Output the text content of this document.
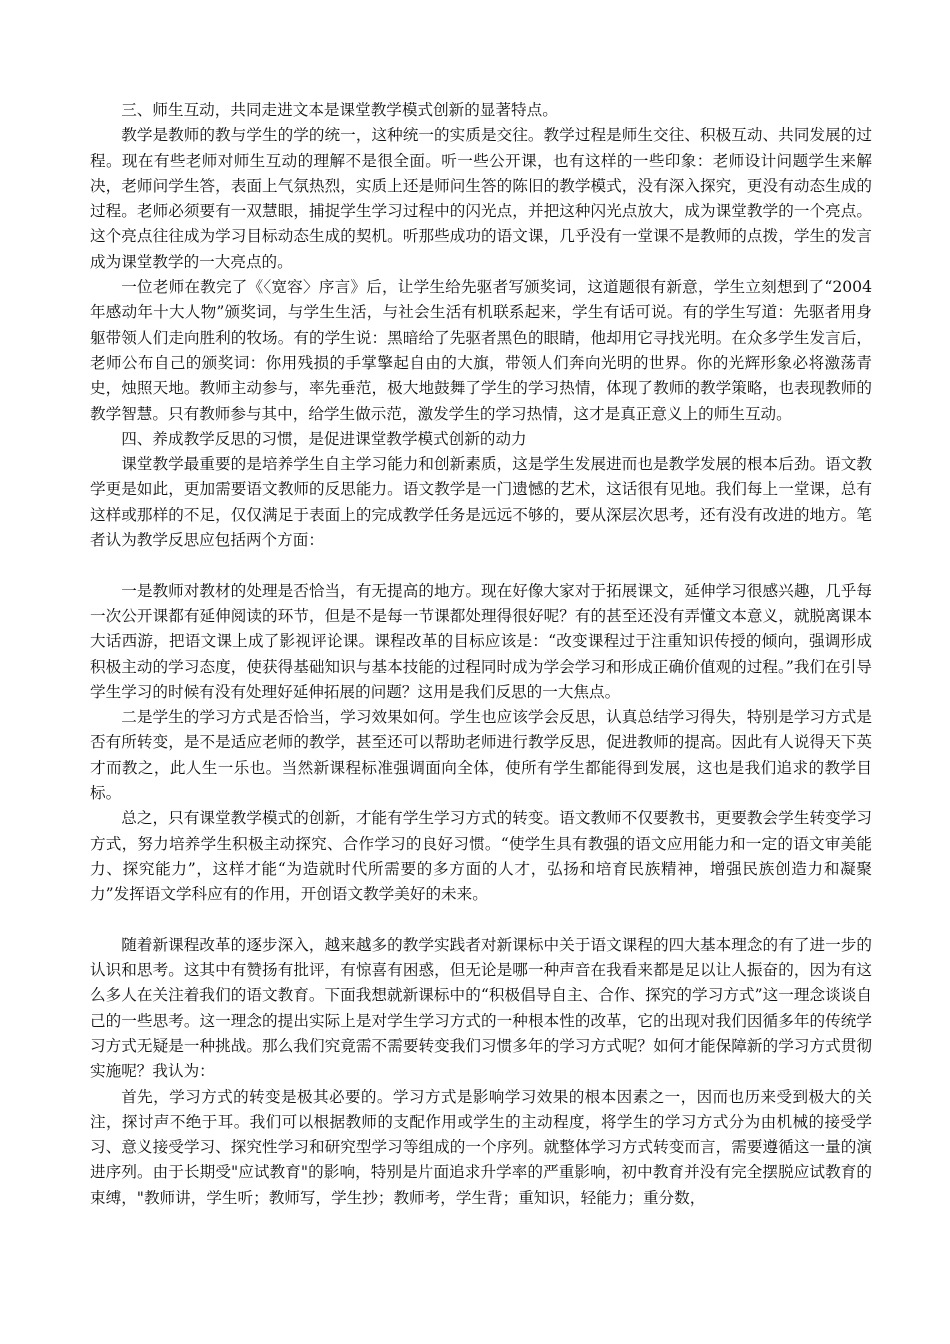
三、师生互动，共同走进文本是课堂教学模式创新的显著特点。

教学是教师的教与学生的学的统一，这种统一的实质是交往。教学过程是师生交往、积极互动、共同发展的过程。现在有些老师对师生互动的理解不是很全面。听一些公开课，也有这样的一些印象：老师设计问题学生来解决，老师问学生答，表面上气氛热烈，实质上还是师问生答的陈旧的教学模式，没有深入探究，更没有动态生成的过程。老师必须要有一双慧眼，捕捉学生学习过程中的闪光点，并把这种闪光点放大，成为课堂教学的一个亮点。这个亮点往往成为学习目标动态生成的契机。听那些成功的语文课，几乎没有一堂课不是教师的点拨，学生的发言成为课堂教学的一大亮点的。

一位老师在教完了《〈宽容〉序言》后，让学生给先驱者写颁奖词，这道题很有新意，学生立刻想到了“2004年感动年十大人物”颁奖词，与学生生活，与社会生活有机联系起来，学生有话可说。有的学生写道：先驱者用身躯带领人们走向胜利的牧场。有的学生说：黑暗给了先驱者黑色的眼睛，他却用它寻找光明。在众多学生发言后，老师公布自己的颁奖词：你用残损的手掌擎起自由的大旗，带领人们奔向光明的世界。你的光辉形象必将激荡青史，烛照天地。教师主动参与，率先垂范，极大地鼓舞了学生的学习热情，体现了教师的教学策略，也表现教师的教学智慧。只有教师参与其中，给学生做示范，激发学生的学习热情，这才是真正意义上的师生互动。

四、养成教学反思的习惯，是促进课堂教学模式创新的动力

课堂教学最重要的是培养学生自主学习能力和创新素质，这是学生发展进而也是教学发展的根本后劲。语文教学更是如此，更加需要语文教师的反思能力。语文教学是一门遗憾的艺术，这话很有见地。我们每上一堂课，总有这样或那样的不足，仅仅满足于表面上的完成教学任务是远远不够的，要从深层次思考，还有没有改进的地方。笔者认为教学反思应包括两个方面：

一是教师对教材的处理是否恰当，有无提高的地方。现在好像大家对于拓展课文，延伸学习很感兴趣，几乎每一次公开课都有延伸阅读的环节，但是不是每一节课都处理得很好呢？有的甚至还没有弄懂文本意义，就脱离课本大话西游，把语文课上成了影视评论课。课程改革的目标应该是：“改变课程过于注重知识传授的倾向，强调形成积极主动的学习态度，使获得基础知识与基本技能的过程同时成为学会学习和形成正确价值观的过程。”我们在引导学生学习的时候有没有处理好延伸拓展的问题？这用是我们反思的一大焦点。

二是学生的学习方式是否恰当，学习效果如何。学生也应该学会反思，认真总结学习得失，特别是学习方式是否有所转变，是不是适应老师的教学，甚至还可以帮助老师进行教学反思，促进教师的提高。因此有人说得天下英才而教之，此人生一乐也。当然新课程标准强调面向全体，使所有学生都能得到发展，这也是我们追求的教学目标。

总之，只有课堂教学模式的创新，才能有学生学习方式的转变。语文教师不仅要教书，更要教会学生转变学习方式，努力培养学生积极主动探究、合作学习的良好习惯。“使学生具有教强的语文应用能力和一定的语文审美能力、探究能力”，这样才能“为造就时代所需要的多方面的人才，弘扬和培育民族精神，增强民族创造力和凝聚力”发挥语文学科应有的作用，开创语文教学美好的未来。

随着新课程改革的逐步深入，越来越多的教学实践者对新课标中关于语文课程的四大基本理念的有了进一步的认识和思考。这其中有赞扬有批评，有惊喜有困惑，但无论是哪一种声音在我看来都是足以让人振奋的，因为有这么多人在关注着我们的语文教育。下面我想就新课标中的“积极倡导自主、合作、探究的学习方式”这一理念谈谈自己的一些思考。这一理念的提出实际上是对学生学习方式的一种根本性的改革，它的出现对我们因循多年的传统学习方式无疑是一种挑战。那么我们究竟需不需要转变我们习惯多年的学习方式呢？如何才能保障新的学习方式贯彻实施呢？我认为：

首先，学习方式的转变是极其必要的。学习方式是影响学习效果的根本因素之一，因而也历来受到极大的关注，探讨声不绝于耳。我们可以根据教师的支配作用或学生的主动程度，将学生的学习方式分为由机械的接受学习、意义接受学习、探究性学习和研究型学习等组成的一个序列。就整体学习方式转变而言，需要遵循这一量的演进序列。由于长期受"应试教育"的影响，特别是片面追求升学率的严重影响，初中教育并没有完全摆脱应试教育的束缚，"教师讲，学生听；教师写，学生抄；教师考，学生背；重知识，轻能力；重分数，
